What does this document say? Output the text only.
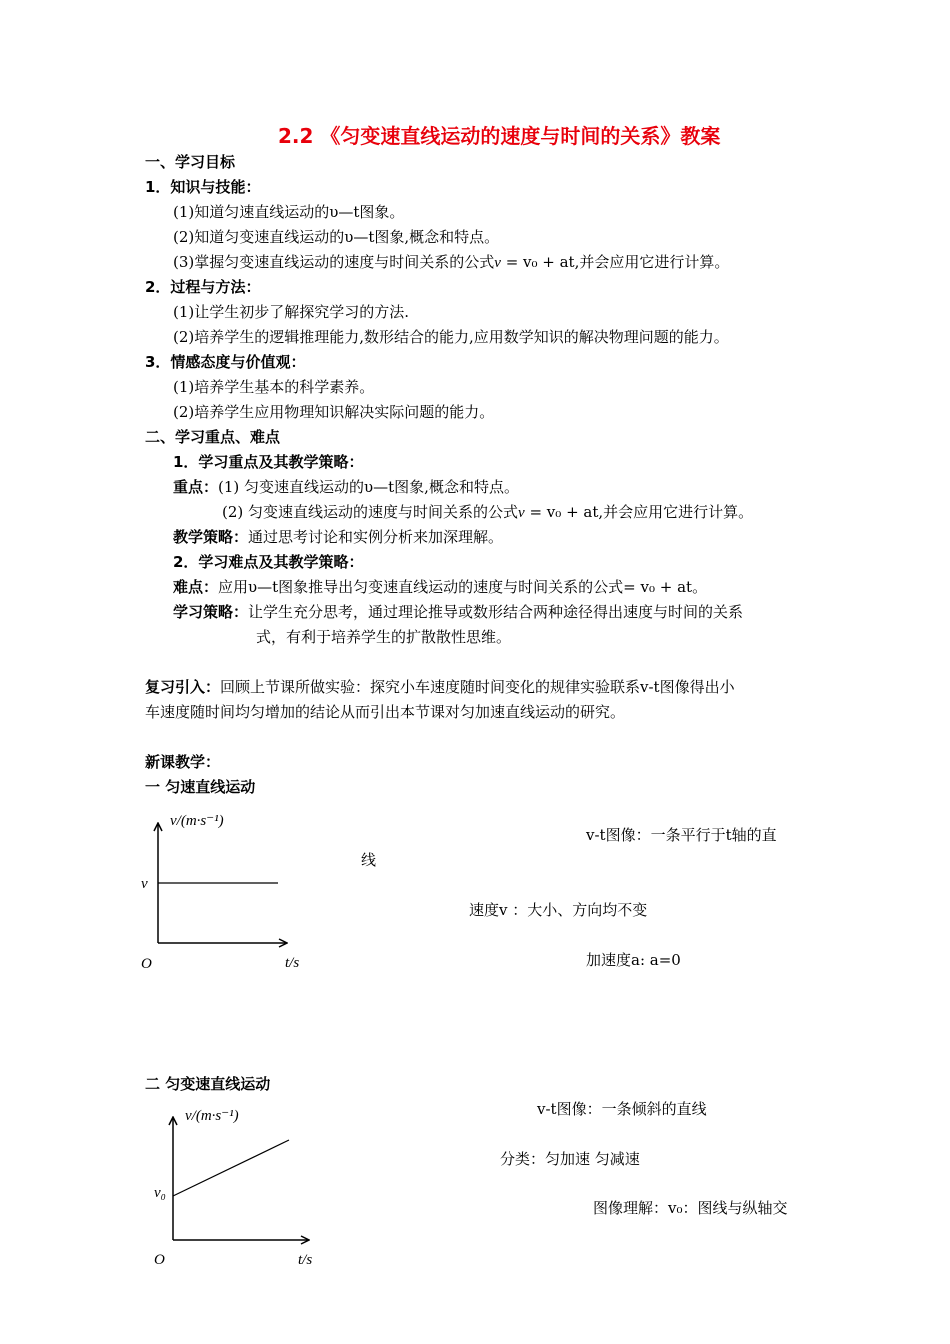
2.2 《匀变速直线运动的速度与时间的关系》教案
一、学习目标
1．知识与技能：
(1)知道匀速直线运动的υ—t图象。
(2)知道匀变速直线运动的υ—t图象,概念和特点。
(3)掌握匀变速直线运动的速度与时间关系的公式v = v₀ + at,并会应用它进行计算。
2．过程与方法：
(1)让学生初步了解探究学习的方法.
(2)培养学生的逻辑推理能力,数形结合的能力,应用数学知识的解决物理问题的能力。
3．情感态度与价值观：
(1)培养学生基本的科学素养。
(2)培养学生应用物理知识解决实际问题的能力。
二、学习重点、难点
1．学习重点及其教学策略：
重点：(1) 匀变速直线运动的υ—t图象,概念和特点。
(2) 匀变速直线运动的速度与时间关系的公式v = v₀ + at,并会应用它进行计算。
教学策略：通过思考讨论和实例分析来加深理解。
2．学习难点及其教学策略：
难点：应用υ—t图象推导出匀变速直线运动的速度与时间关系的公式= v₀ + at。
学习策略：让学生充分思考，通过理论推导或数形结合两种途径得出速度与时间的关系
式，有利于培养学生的扩散散性思维。
复习引入：回顾上节课所做实验：探究小车速度随时间变化的规律实验联系v-t图像得出小
车速度随时间均匀增加的结论从而引出本节课对匀加速直线运动的研究。
新课教学：
一 匀速直线运动
v/(m·s⁻¹)
t/s
O
v
v-t图像：一条平行于t轴的直
线
速度v ：大小、方向均不变
加速度a: a=0
二 匀变速直线运动
v/(m·s⁻¹)
t/s
O
v₀
v-t图像：一条倾斜的直线
分类：匀加速 匀减速
图像理解：v₀：图线与纵轴交
